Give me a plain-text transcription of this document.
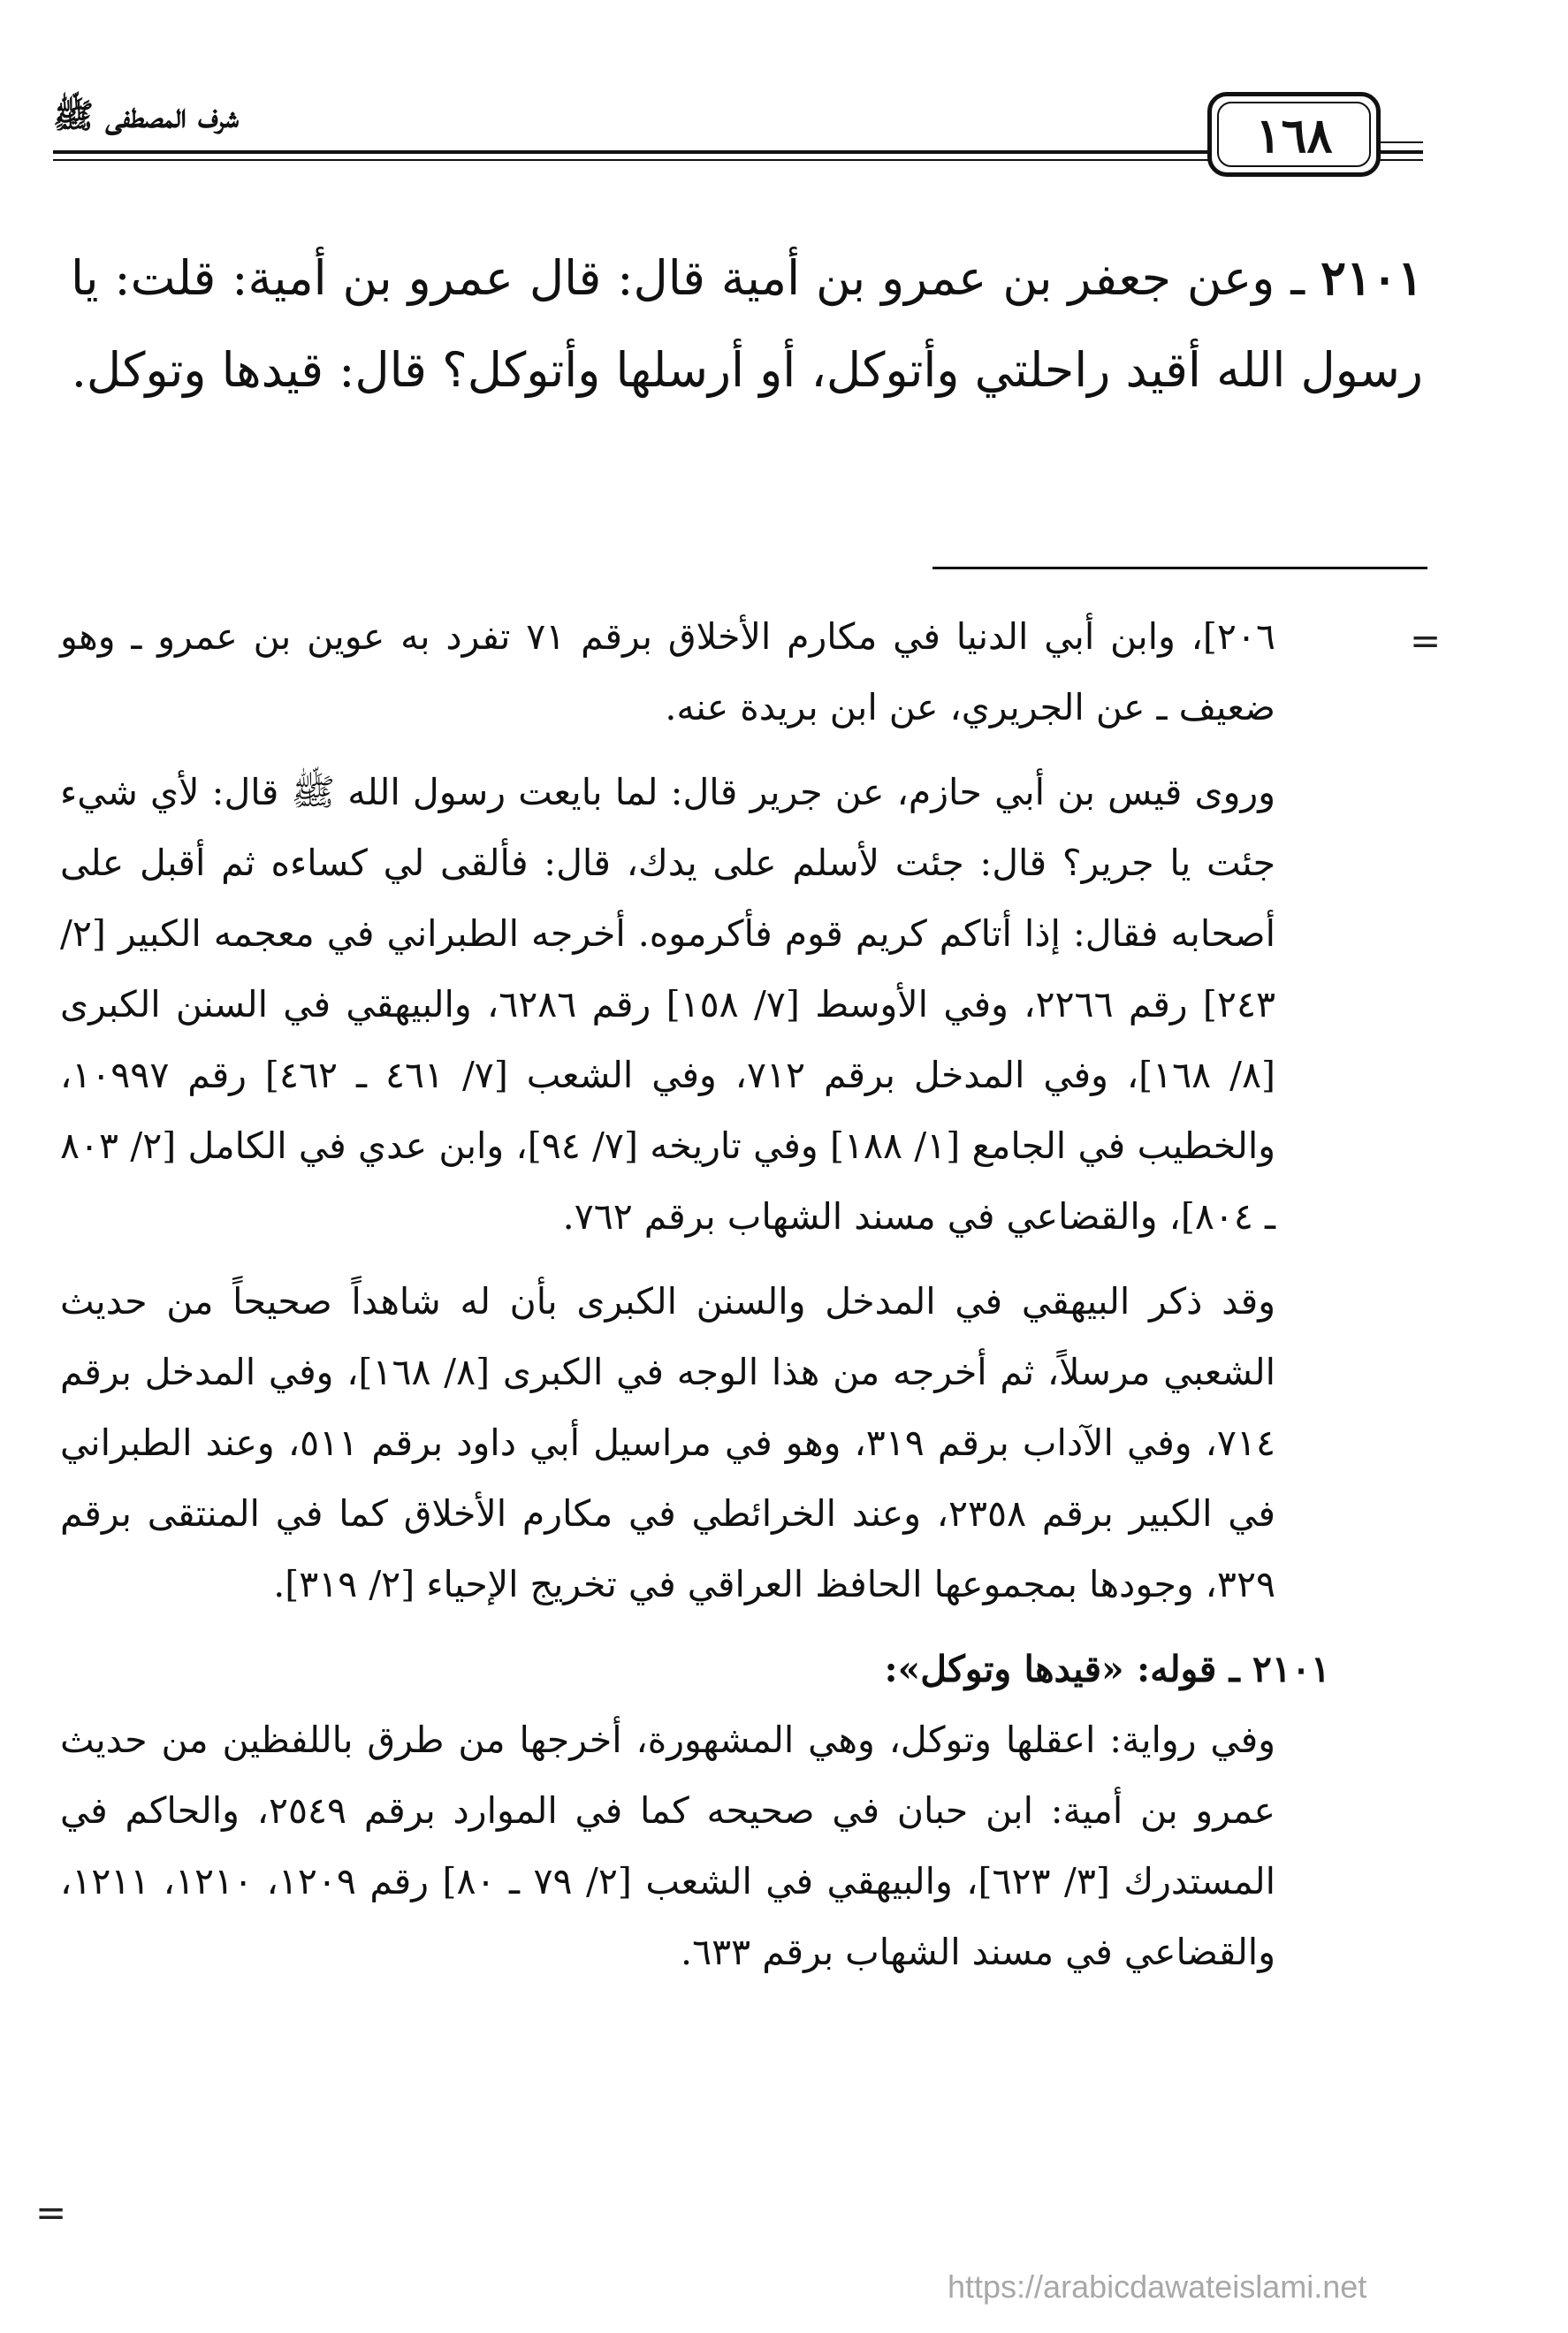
شرف المصطفى ﷺ	١٦٨
٢١٠١ ـ وعن جعفر بن عمرو بن أمية قال: قال عمرو بن أمية: قلت: يا رسول الله أقيد راحلتي وأتوكل، أو أرسلها وأتوكل؟ قال: قيدها وتوكل.
=

٢٠٦]، وابن أبي الدنيا في مكارم الأخلاق برقم ٧١ تفرد به عوين بن عمرو ـ وهو ضعيف ـ عن الجريري، عن ابن بريدة عنه.

وروى قيس بن أبي حازم، عن جرير قال: لما بايعت رسول الله ﷺ قال: لأي شيء جئت يا جرير؟ قال: جئت لأسلم على يدك، قال: فألقى لي كساءه ثم أقبل على أصحابه فقال: إذا أتاكم كريم قوم فأكرموه. أخرجه الطبراني في معجمه الكبير [٢/ ٢٤٣] رقم ٢٢٦٦، وفي الأوسط [٧/ ١٥٨] رقم ٦٢٨٦، والبيهقي في السنن الكبرى [٨/ ١٦٨]، وفي المدخل برقم ٧١٢، وفي الشعب [٧/ ٤٦١ ـ ٤٦٢] رقم ١٠٩٩٧، والخطيب في الجامع [١/ ١٨٨] وفي تاريخه [٧/ ٩٤]، وابن عدي في الكامل [٢/ ٨٠٣ ـ ٨٠٤]، والقضاعي في مسند الشهاب برقم ٧٦٢.

وقد ذكر البيهقي في المدخل والسنن الكبرى بأن له شاهداً صحيحاً من حديث الشعبي مرسلاً، ثم أخرجه من هذا الوجه في الكبرى [٨/ ١٦٨]، وفي المدخل برقم ٧١٤، وفي الآداب برقم ٣١٩، وهو في مراسيل أبي داود برقم ٥١١، وعند الطبراني في الكبير برقم ٢٣٥٨، وعند الخرائطي في مكارم الأخلاق كما في المنتقى برقم ٣٢٩، وجودها بمجموعها الحافظ العراقي في تخريج الإحياء [٢/ ٣١٩].

٢١٠١ ـ قوله: «قيدها وتوكل»:

وفي رواية: اعقلها وتوكل، وهي المشهورة، أخرجها من طرق باللفظين من حديث عمرو بن أمية: ابن حبان في صحيحه كما في الموارد برقم ٢٥٤٩، والحاكم في المستدرك [٣/ ٦٢٣]، والبيهقي في الشعب [٢/ ٧٩ ـ ٨٠] رقم ١٢٠٩، ١٢١٠، ١٢١١، والقضاعي في مسند الشهاب برقم ٦٣٣.

=
https://arabicdawateislami.net
